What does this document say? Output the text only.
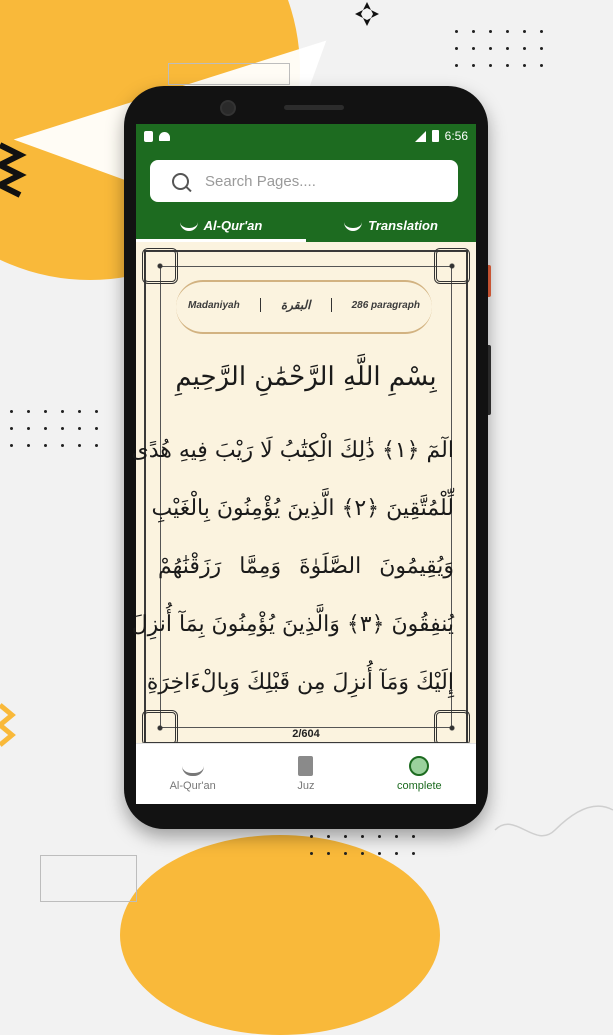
6:56
Search Pages....
Al-Qur'an	Translation
Madaniyah	البقرة	286 paragraph
بِسْمِ اللَّهِ الرَّحْمَٰنِ الرَّحِيمِ
الٓمٓ ﴿١﴾ ذَٰلِكَ الْكِتَٰبُ لَا رَيْبَ فِيهِ هُدًى
لِّلْمُتَّقِينَ ﴿٢﴾ الَّذِينَ يُؤْمِنُونَ بِالْغَيْبِ
وَيُقِيمُونَ الصَّلَوٰةَ وَمِمَّا رَزَقْنَٰهُمْ
يُنفِقُونَ ﴿٣﴾ وَالَّذِينَ يُؤْمِنُونَ بِمَآ أُنزِلَ
إِلَيْكَ وَمَآ أُنزِلَ مِن قَبْلِكَ وَبِالْءَاخِرَةِ
2/604
Al-Qur'an	Juz	complete
